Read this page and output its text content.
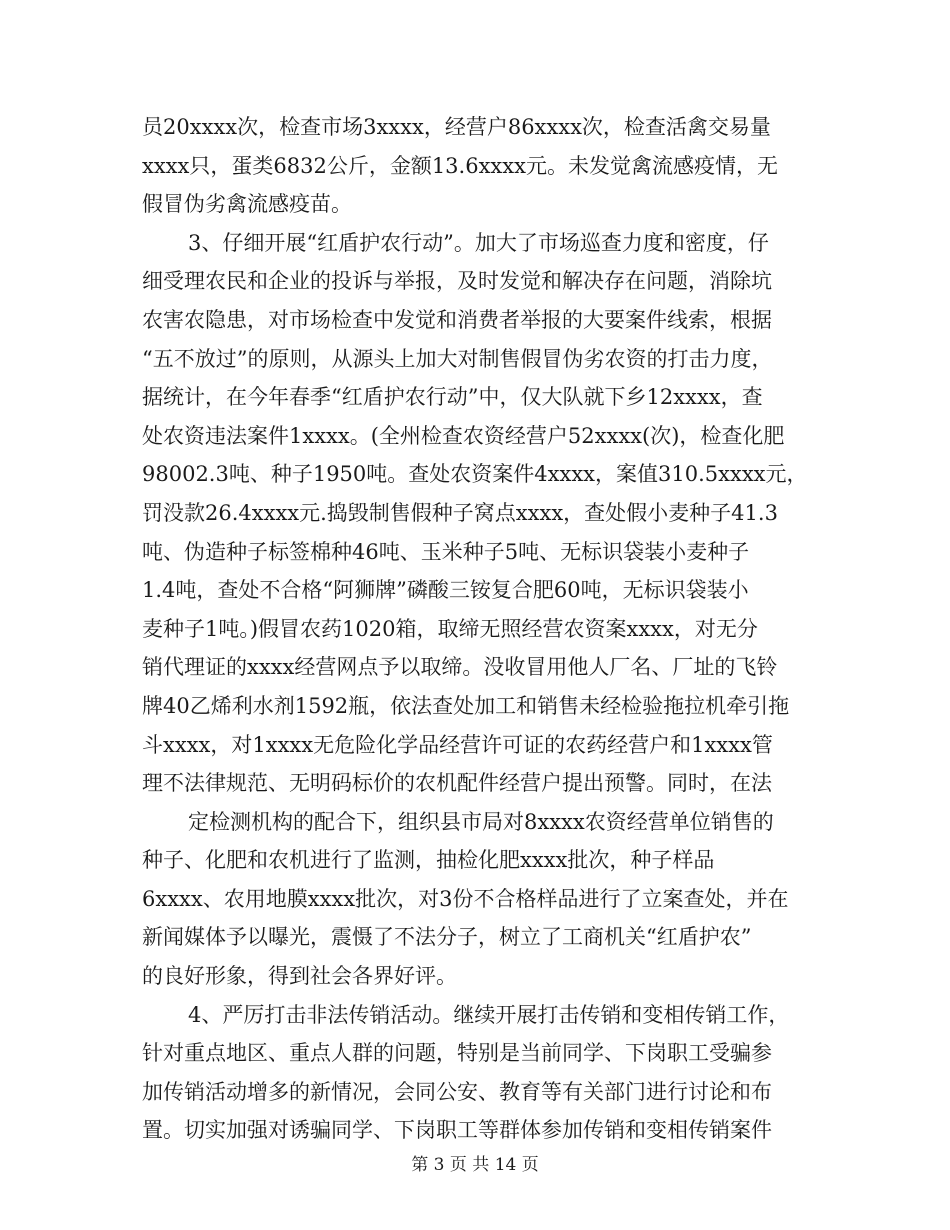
员20xxxx次，检查市场3xxxx，经营户86xxxx次，检查活禽交易量
xxxx只，蛋类6832公斤，金额13.6xxxx元。未发觉禽流感疫情，无
假冒伪劣禽流感疫苗。
3、仔细开展“红盾护农行动”。加大了市场巡查力度和密度，仔
细受理农民和企业的投诉与举报，及时发觉和解决存在问题，消除坑
农害农隐患，对市场检查中发觉和消费者举报的大要案件线索，根据
“五不放过”的原则，从源头上加大对制售假冒伪劣农资的打击力度，
据统计，在今年春季“红盾护农行动”中，仅大队就下乡12xxxx，查
处农资违法案件1xxxx。(全州检查农资经营户52xxxx(次)，检查化肥
98002.3吨、种子1950吨。查处农资案件4xxxx，案值310.5xxxx元，
罚没款26.4xxxx元.捣毁制售假种子窝点xxxx，查处假小麦种子41.3
吨、伪造种子标签棉种46吨、玉米种子5吨、无标识袋装小麦种子
1.4吨，查处不合格“阿狮牌”磷酸三铵复合肥60吨，无标识袋装小
麦种子1吨。)假冒农药1020箱，取缔无照经营农资案xxxx，对无分
销代理证的xxxx经营网点予以取缔。没收冒用他人厂名、厂址的飞铃
牌40乙烯利水剂1592瓶，依法查处加工和销售未经检验拖拉机牵引拖
斗xxxx，对1xxxx无危险化学品经营许可证的农药经营户和1xxxx管
理不法律规范、无明码标价的农机配件经营户提出预警。同时，在法
定检测机构的配合下，组织县市局对8xxxx农资经营单位销售的
种子、化肥和农机进行了监测，抽检化肥xxxx批次，种子样品
6xxxx、农用地膜xxxx批次，对3份不合格样品进行了立案查处，并在
新闻媒体予以曝光，震慑了不法分子，树立了工商机关“红盾护农”
的良好形象，得到社会各界好评。
4、严厉打击非法传销活动。继续开展打击传销和变相传销工作，
针对重点地区、重点人群的问题，特别是当前同学、下岗职工受骗参
加传销活动增多的新情况，会同公安、教育等有关部门进行讨论和布
置。切实加强对诱骗同学、下岗职工等群体参加传销和变相传销案件
第 3 页 共 14 页
